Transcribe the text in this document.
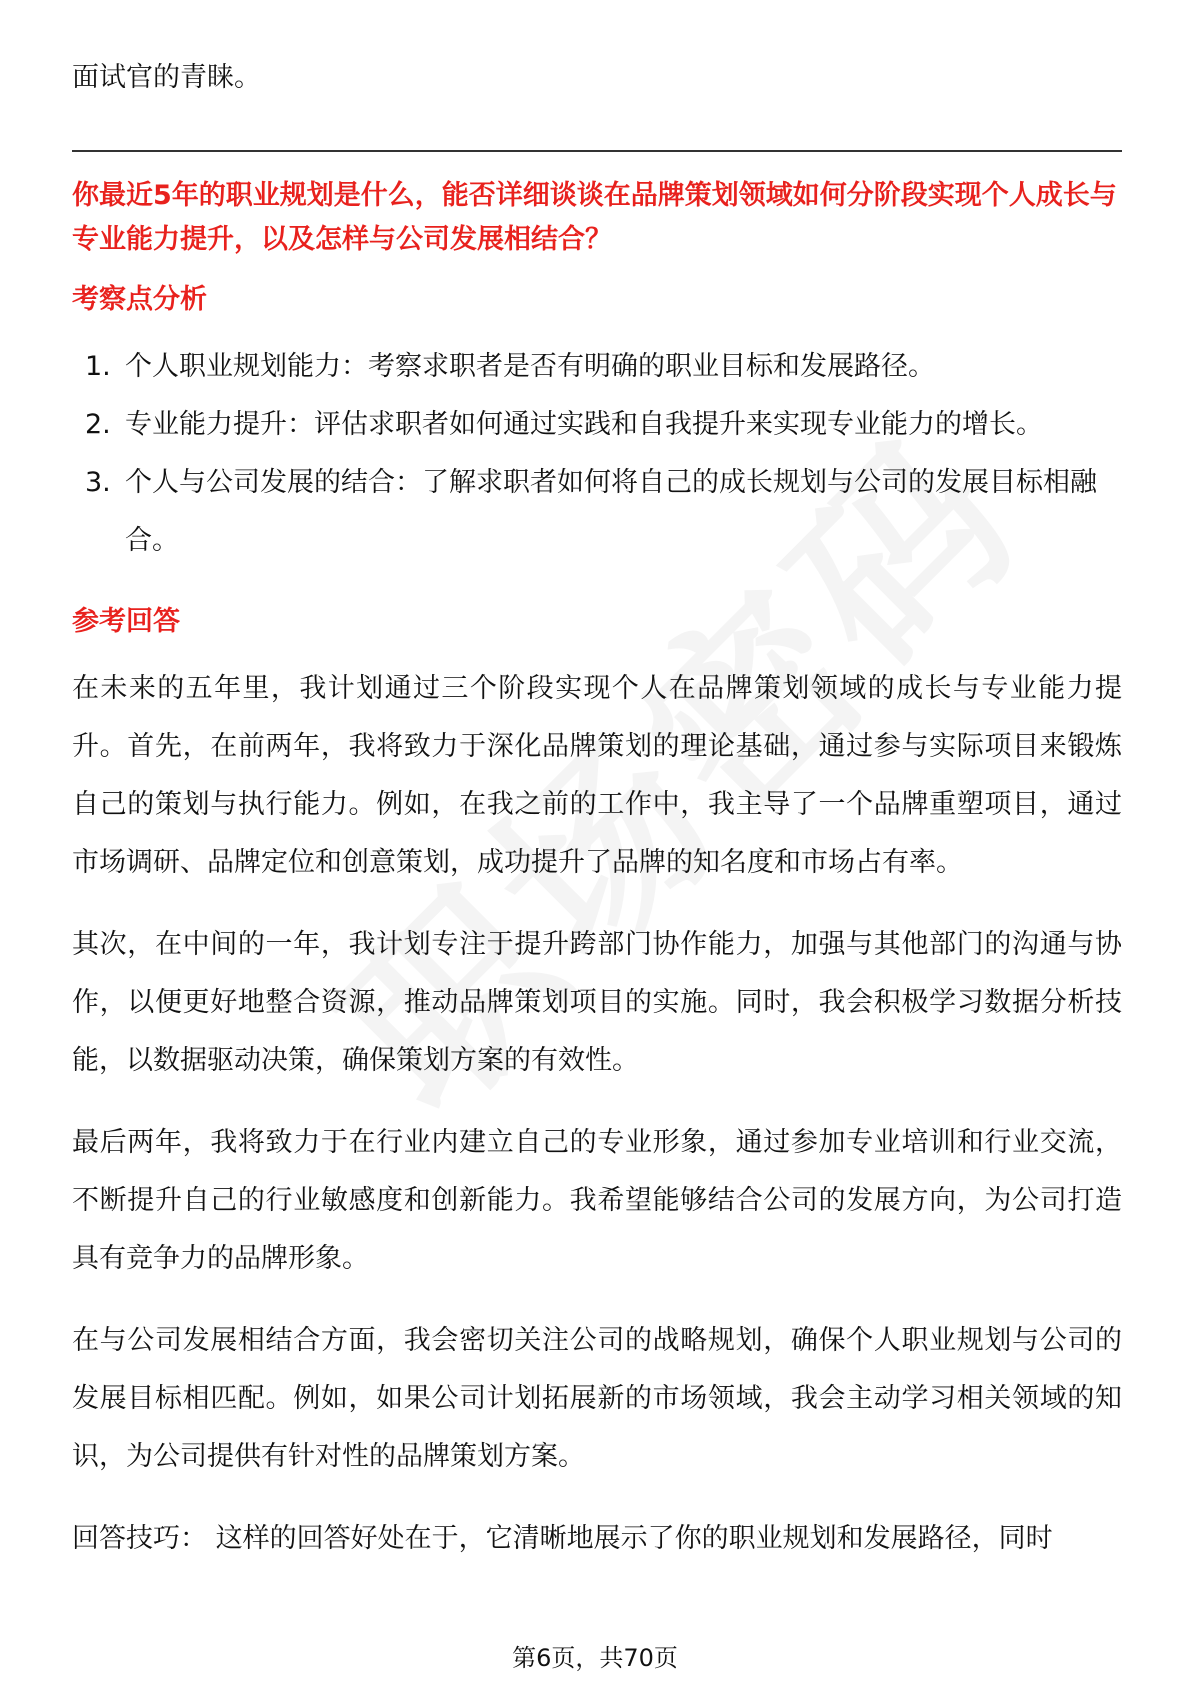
面试官的青睐。

你最近5年的职业规划是什么，能否详细谈谈在品牌策划领域如何分阶段实现个人成长与专业能力提升，以及怎样与公司发展相结合？

考察点分析
1. 个人职业规划能力：考察求职者是否有明确的职业目标和发展路径。
2. 专业能力提升：评估求职者如何通过实践和自我提升来实现专业能力的增长。
3. 个人与公司发展的结合：了解求职者如何将自己的成长规划与公司的发展目标相融合。
参考回答

在未来的五年里，我计划通过三个阶段实现个人在品牌策划领域的成长与专业能力提升。首先，在前两年，我将致力于深化品牌策划的理论基础，通过参与实际项目来锻炼自己的策划与执行能力。例如，在我之前的工作中，我主导了一个品牌重塑项目，通过市场调研、品牌定位和创意策划，成功提升了品牌的知名度和市场占有率。

其次，在中间的一年，我计划专注于提升跨部门协作能力，加强与其他部门的沟通与协作，以便更好地整合资源，推动品牌策划项目的实施。同时，我会积极学习数据分析技能，以数据驱动决策，确保策划方案的有效性。

最后两年，我将致力于在行业内建立自己的专业形象，通过参加专业培训和行业交流，不断提升自己的行业敏感度和创新能力。我希望能够结合公司的发展方向，为公司打造具有竞争力的品牌形象。

在与公司发展相结合方面，我会密切关注公司的战略规划，确保个人职业规划与公司的发展目标相匹配。例如，如果公司计划拓展新的市场领域，我会主动学习相关领域的知识，为公司提供有针对性的品牌策划方案。

回答技巧： 这样的回答好处在于，它清晰地展示了你的职业规划和发展路径，同时

第6页，共70页
